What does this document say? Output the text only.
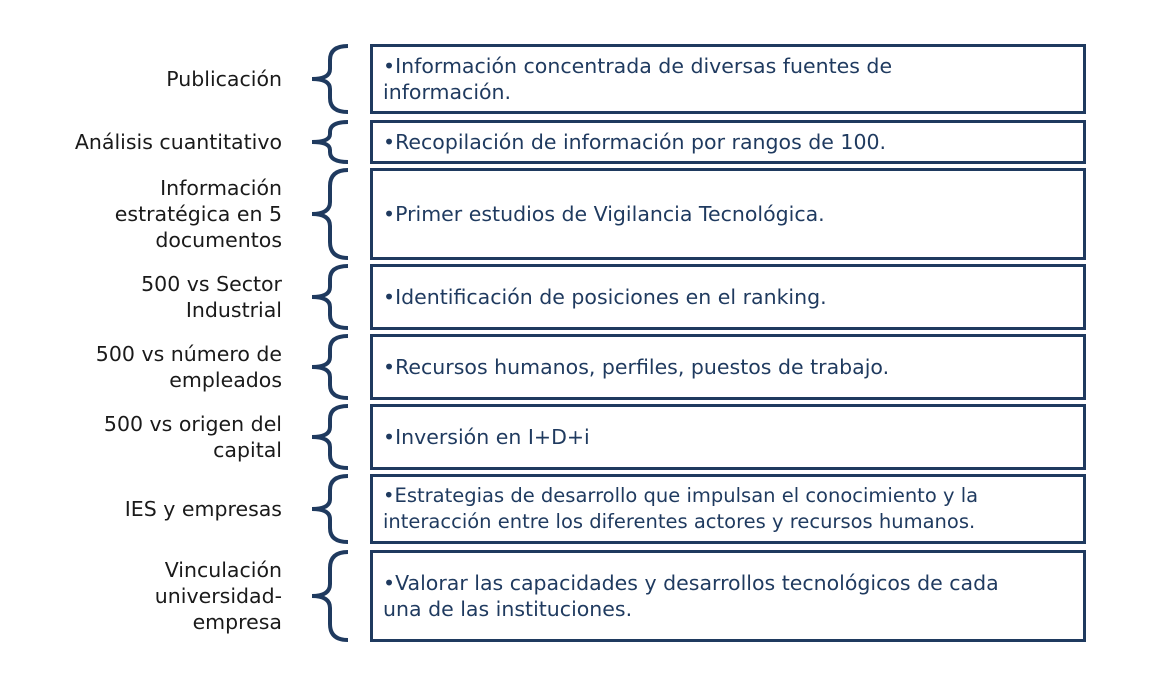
Publicación
•Información concentrada de diversas fuentes de información.
Análisis cuantitativo	•Recopilación de información por rangos de 100.
Información estratégica en 5 documentos
•Primer estudios de Vigilancia Tecnológica.
500 vs Sector Industrial
•Identificación de posiciones en el ranking.
500 vs número de empleados
•Recursos humanos, perfiles, puestos de trabajo.
500 vs origen del capital
•Inversión en I+D+i
IES y empresas
•Estrategias de desarrollo que impulsan el conocimiento y la interacción entre los diferentes actores y recursos humanos.
Vinculación universidad-empresa
•Valorar las capacidades y desarrollos tecnológicos de cada una de las instituciones.
